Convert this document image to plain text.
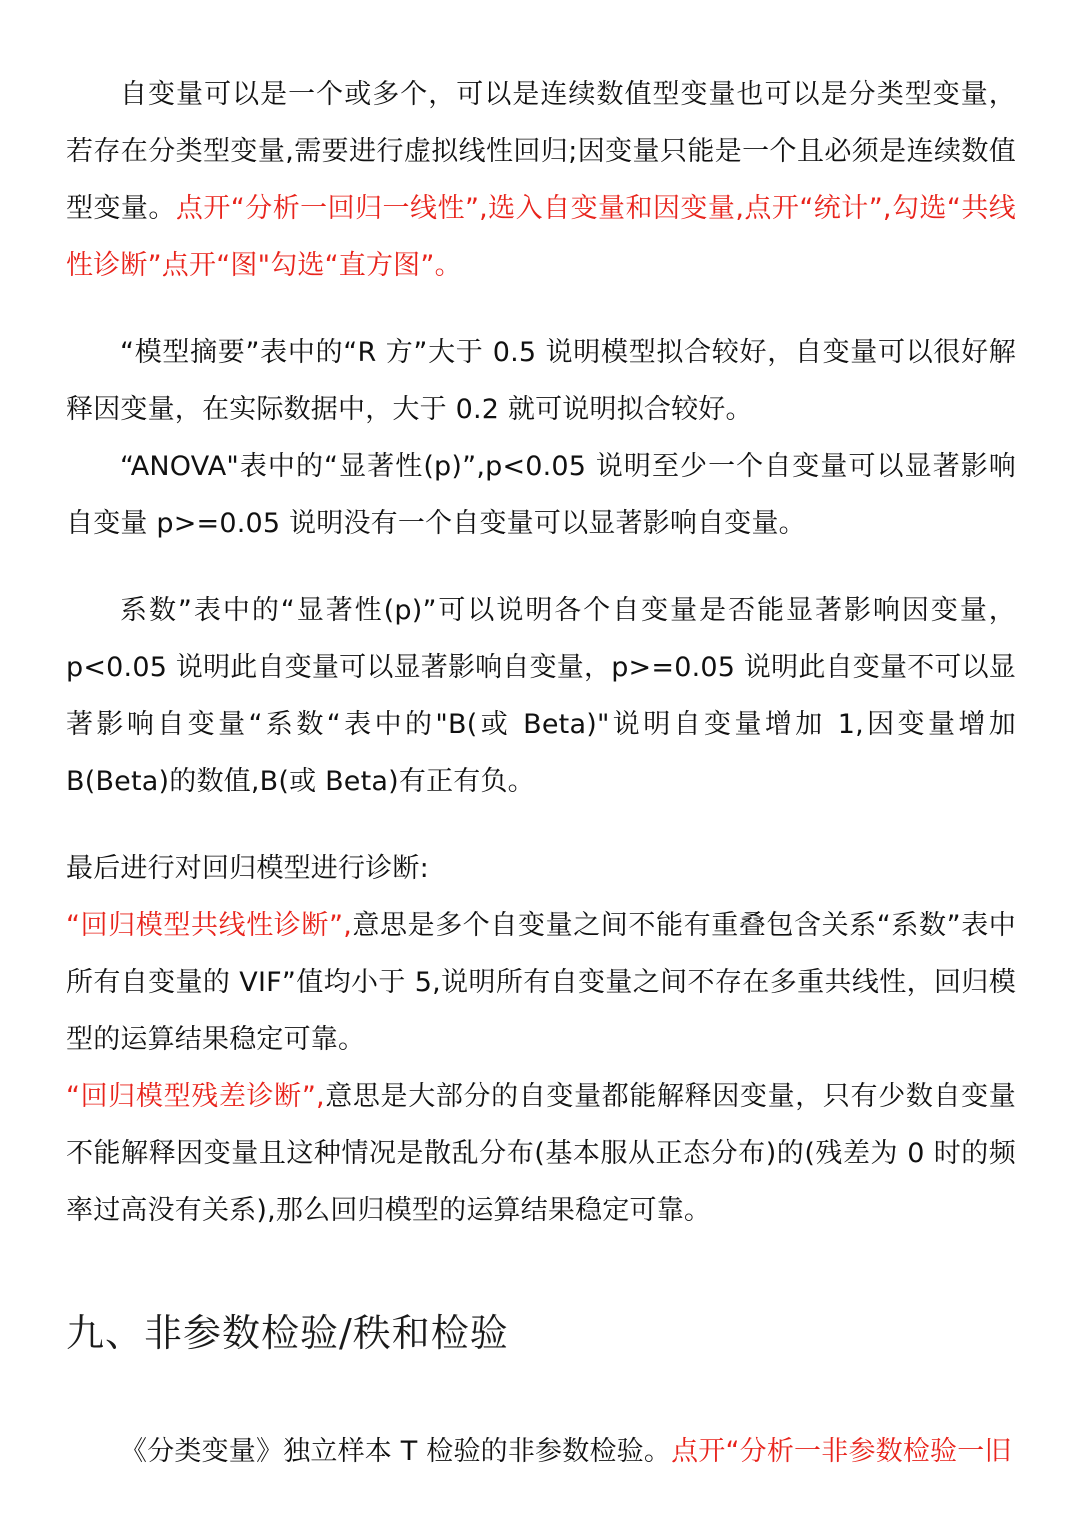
自变量可以是一个或多个，可以是连续数值型变量也可以是分类型变量，若存在分类型变量,需要进行虚拟线性回归;因变量只能是一个且必须是连续数值型变量。点开“分析一回归一线性”,选入自变量和因变量,点开“统计”,勾选“共线性诊断”点开“图"勾选“直方图”。

“模型摘要”表中的“R 方”大于 0.5 说明模型拟合较好，自变量可以很好解释因变量，在实际数据中，大于 0.2 就可说明拟合较好。

“ANOVA"表中的“显著性(p)”,p<0.05 说明至少一个自变量可以显著影响自变量 p>=0.05 说明没有一个自变量可以显著影响自变量。

系数”表中的“显著性(p)”可以说明各个自变量是否能显著影响因变量，p<0.05 说明此自变量可以显著影响自变量，p>=0.05 说明此自变量不可以显著影响自变量“系数“表中的"B(或 Beta)"说明自变量增加 1,因变量增加 B(Beta)的数值,B(或 Beta)有正有负。

最后进行对回归模型进行诊断:

“回归模型共线性诊断”,意思是多个自变量之间不能有重叠包含关系“系数”表中所有自变量的 VIF”值均小于 5,说明所有自变量之间不存在多重共线性，回归模型的运算结果稳定可靠。

“回归模型残差诊断”,意思是大部分的自变量都能解释因变量，只有少数自变量不能解释因变量且这种情况是散乱分布(基本服从正态分布)的(残差为 0 时的频率过高没有关系),那么回归模型的运算结果稳定可靠。

九、非参数检验/秩和检验

《分类变量》独立样本 T 检验的非参数检验。点开“分析一非参数检验一旧
